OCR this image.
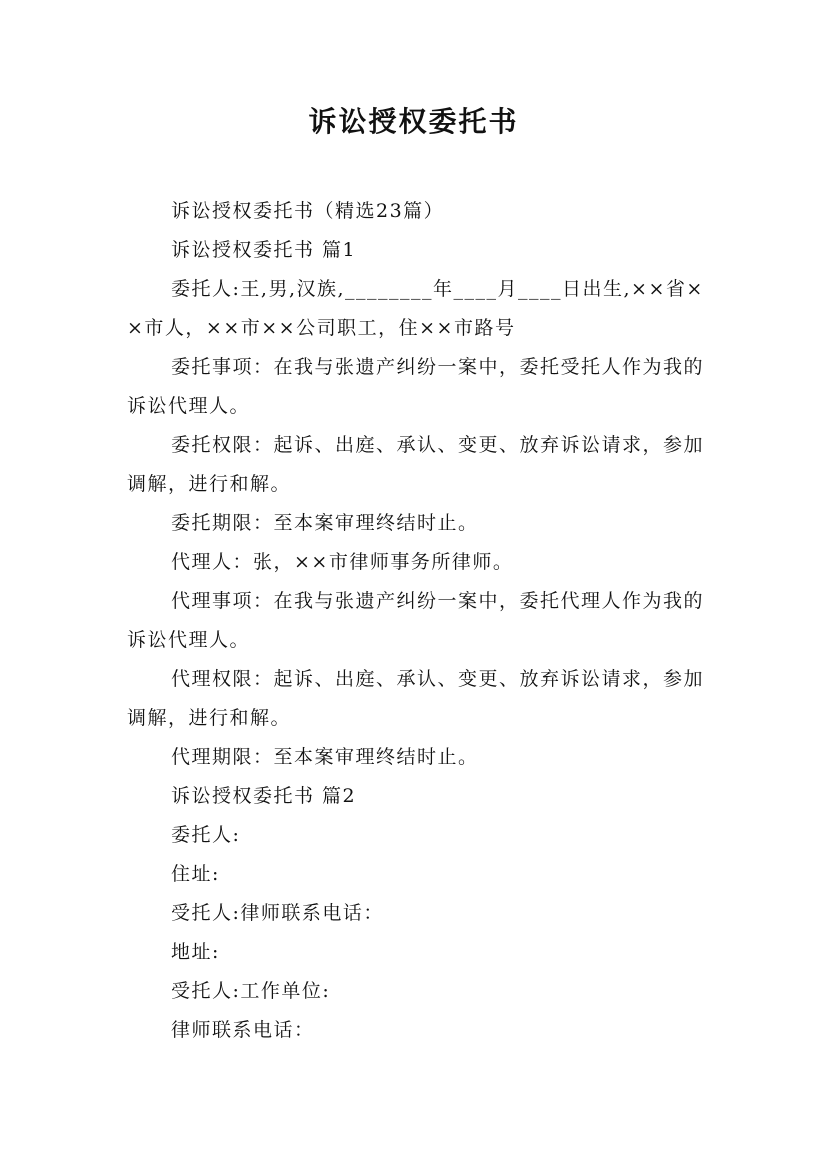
诉讼授权委托书

诉讼授权委托书（精选23篇）

诉讼授权委托书 篇1

委托人:王,男,汉族,________年____月____日出生,××省××市人，××市××公司职工，住××市路号

委托事项：在我与张遗产纠纷一案中，委托受托人作为我的诉讼代理人。

委托权限：起诉、出庭、承认、变更、放弃诉讼请求，参加调解，进行和解。

委托期限：至本案审理终结时止。

代理人：张，××市律师事务所律师。

代理事项：在我与张遗产纠纷一案中，委托代理人作为我的诉讼代理人。

代理权限：起诉、出庭、承认、变更、放弃诉讼请求，参加调解，进行和解。

代理期限：至本案审理终结时止。

诉讼授权委托书 篇2

委托人:

住址:

受托人:律师联系电话：

地址:

受托人:工作单位:

律师联系电话：
